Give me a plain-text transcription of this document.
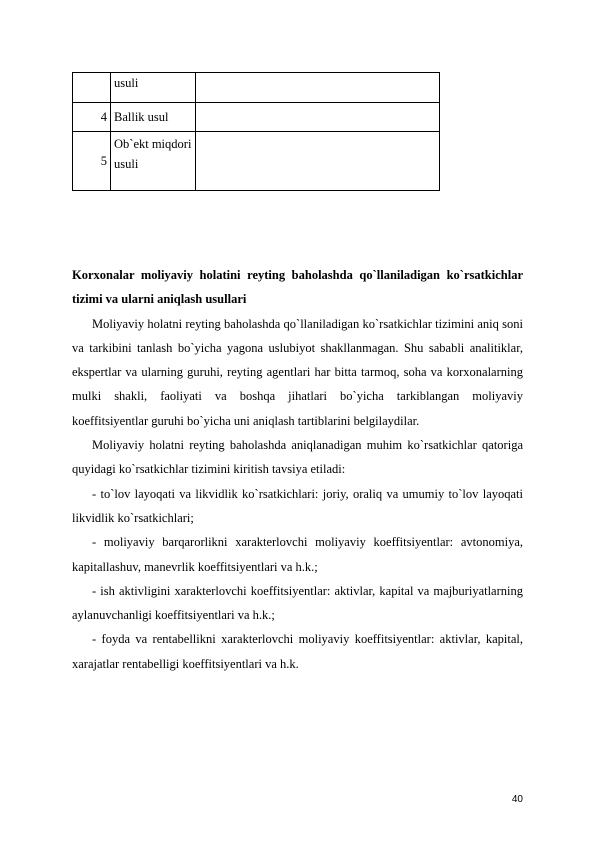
	usuli	
4	Ballik usul	
5	Ob`ekt miqdori usuli	

Korxonalar moliyaviy holatini reyting baholashda qo`llaniladigan ko`rsatkichlar tizimi va ularni aniqlash usullari

Moliyaviy holatni reyting baholashda qo`llaniladigan ko`rsatkichlar tizimini aniq soni va tarkibini tanlash bo`yicha yagona uslubiyot shakllanmagan. Shu sababli analitiklar, ekspertlar va ularning guruhi, reyting agentlari har bitta tarmoq, soha va korxonalarning mulki shakli, faoliyati va boshqa jihatlari bo`yicha tarkiblangan moliyaviy koeffitsiyentlar guruhi bo`yicha uni aniqlash tartiblarini belgilaydilar.

Moliyaviy holatni reyting baholashda aniqlanadigan muhim ko`rsatkichlar qatoriga quyidagi ko`rsatkichlar tizimini kiritish tavsiya etiladi:

- to`lov layoqati va likvidlik ko`rsatkichlari: joriy, oraliq va umumiy to`lov layoqati likvidlik ko`rsatkichlari;

- moliyaviy barqarorlikni xarakterlovchi moliyaviy koeffitsiyentlar: avtonomiya, kapitallashuv, manevrlik koeffitsiyentlari va h.k.;

- ish aktivligini xarakterlovchi koeffitsiyentlar: aktivlar, kapital va majburiyatlarning aylanuvchanligi koeffitsiyentlari va h.k.;

- foyda va rentabellikni xarakterlovchi moliyaviy koeffitsiyentlar: aktivlar, kapital, xarajatlar rentabelligi koeffitsiyentlari va h.k.

40
